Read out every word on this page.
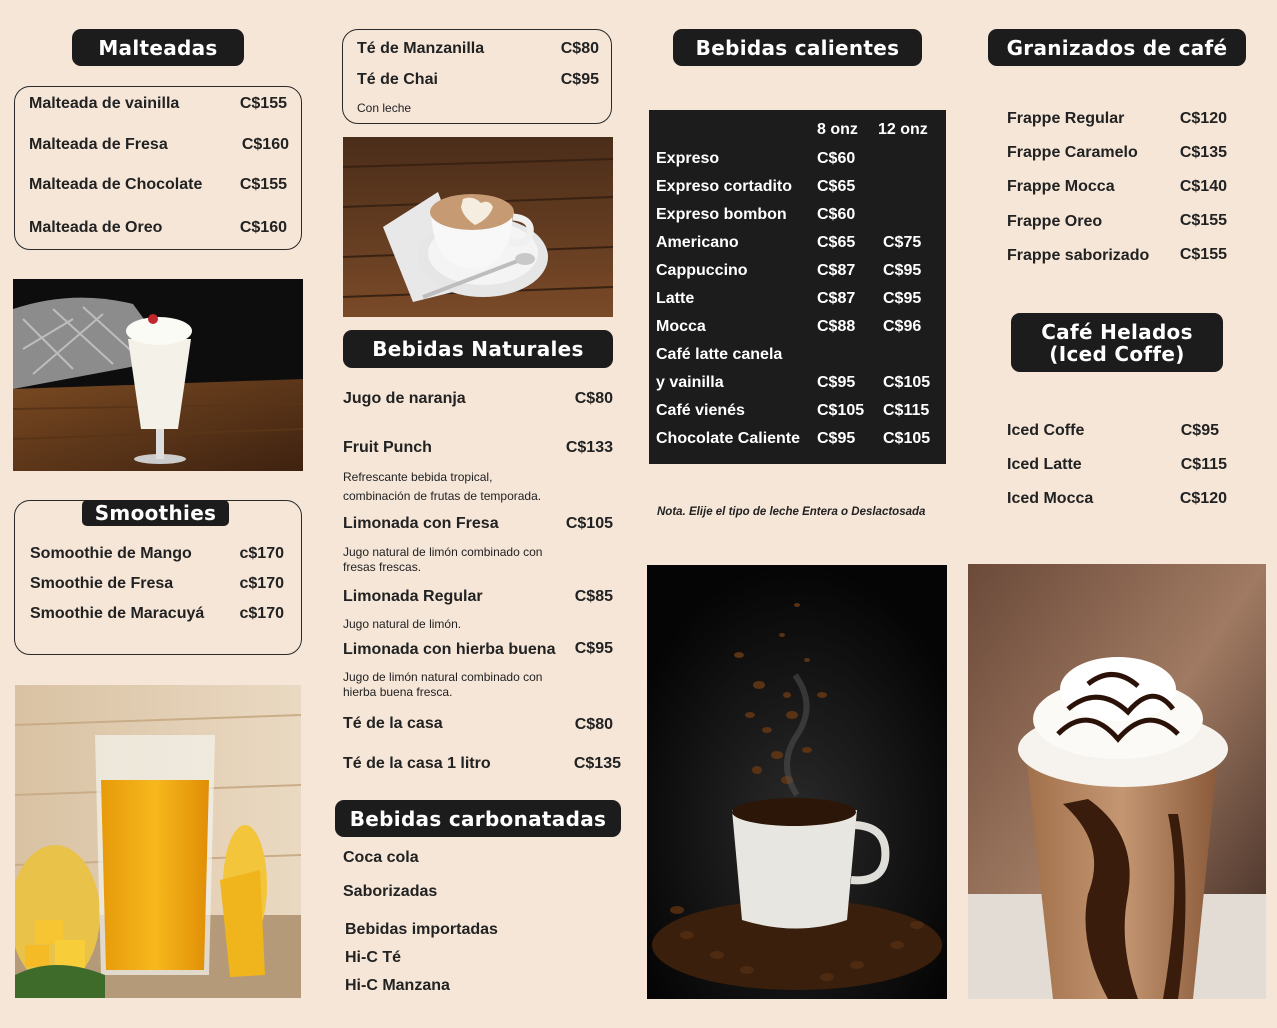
Malteadas
Malteada de vainilla	C$155
Malteada de Fresa	C$160
Malteada de Chocolate C$155
Malteada de Oreo	C$160
Smoothies
Somoothie de Mango	c$170
Smoothie de Fresa	c$170
Smoothie de Maracuyá c$170
Té de Manzanilla	C$80
Té de Chai	C$95
Con leche
Bebidas Naturales
Jugo de naranja	C$80
Fruit Punch	C$133
Refrescante bebida tropical, combinación de frutas de temporada.
Limonada con Fresa	C$105
Jugo natural de limón combinado con fresas frescas.
Limonada Regular	C$85
Jugo natural de limón.
Limonada con hierba buena C$95
Jugo de limón natural combinado con hierba buena fresca.
Té de la casa	C$80
Té de la casa 1 litro	C$135
Bebidas carbonatadas
Coca cola
Saborizadas
Bebidas importadas
Hi-C Té
Hi-C Manzana
Bebidas calientes
8 onz 12 onz
Expreso	C$60
Expreso cortadito C$65
Expreso bombon C$60
Americano	C$65 C$75
Cappuccino	C$87 C$95
Latte	C$87 C$95
Mocca	C$88 C$96
Café latte canela
y vainilla	C$95 C$105
Café vienés	C$105 C$115
Chocolate Caliente C$95 C$105
Nota. Elije el tipo de leche Entera o Deslactosada
Granizados de café
Frappe Regular	C$120
Frappe Caramelo	C$135
Frappe Mocca	C$140
Frappe Oreo	C$155
Frappe saborizado C$155
Café Helados
(Iced Coffe)
Iced Coffe	C$95
Iced Latte	C$115
Iced Mocca	C$120
